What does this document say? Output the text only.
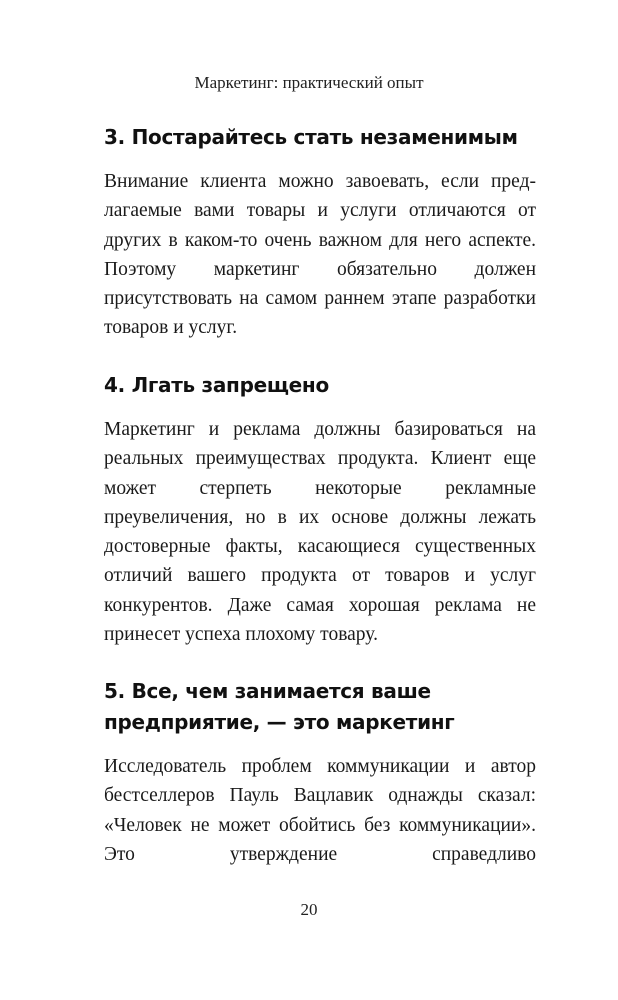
Маркетинг: практический опыт
3. Постарайтесь стать незаменимым

Внимание клиента можно завоевать, если предлагаемые вами товары и услуги отличаются от других в каком-то очень важном для него аспекте. Поэтому маркетинг обязательно должен присутствовать на самом раннем этапе разработки товаров и услуг.

4. Лгать запрещено

Маркетинг и реклама должны базироваться на реальных преимуществах продукта. Клиент еще может стерпеть некоторые рекламные преувеличения, но в их основе должны лежать достоверные факты, касающиеся существенных отличий вашего продукта от товаров и услуг конкурентов. Даже самая хорошая реклама не принесет успеха плохому товару.

5. Все, чем занимается ваше предприятие, — это маркетинг

Исследователь проблем коммуникации и автор бестселлеров Пауль Вацлавик однажды сказал: «Человек не может обойтись без коммуникации». Это утверждение справедливо

20
